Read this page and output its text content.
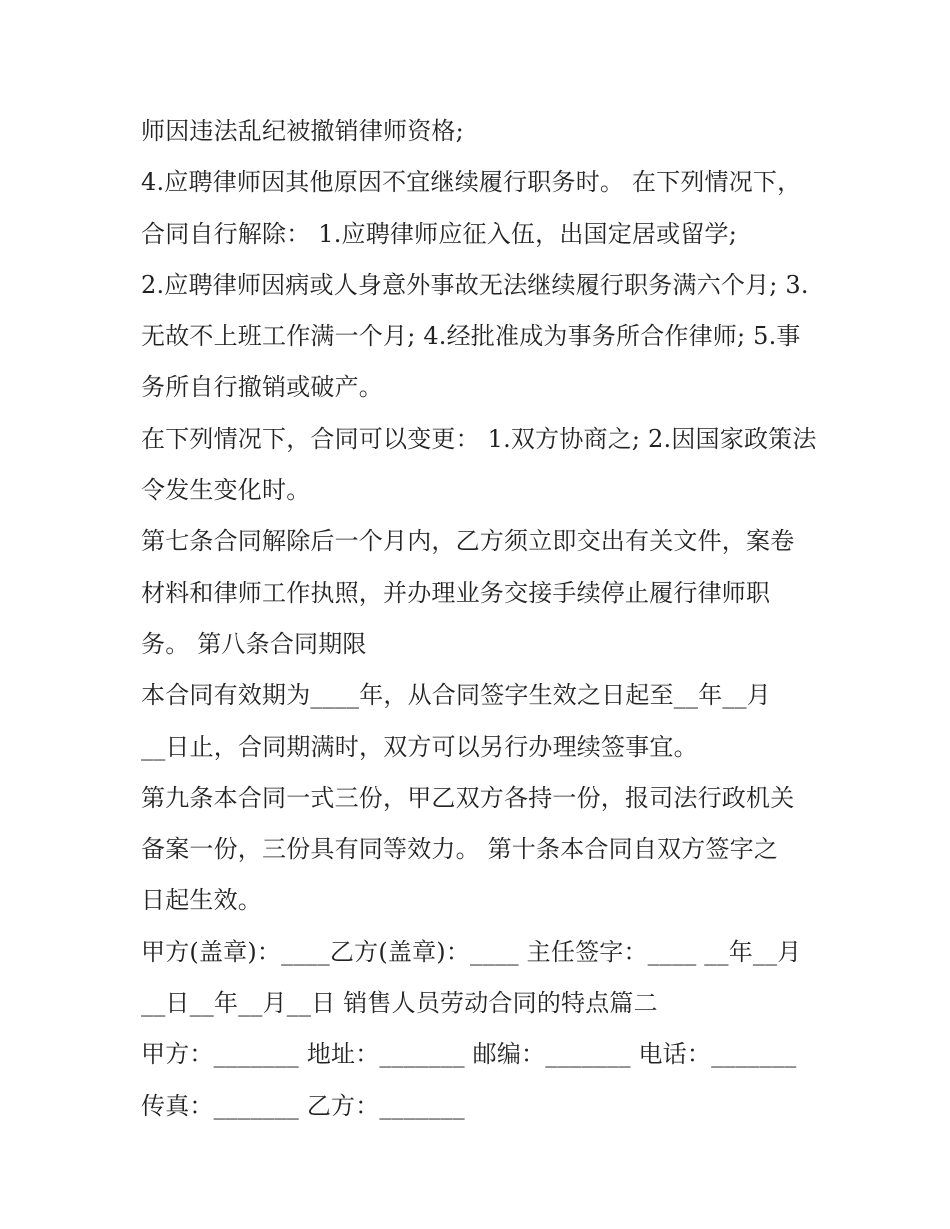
师因违法乱纪被撤销律师资格;
4.应聘律师因其他原因不宜继续履行职务时。 在下列情况下，
合同自行解除： 1.应聘律师应征入伍，出国定居或留学;
2.应聘律师因病或人身意外事故无法继续履行职务满六个月; 3.
无故不上班工作满一个月; 4.经批准成为事务所合作律师; 5.事
务所自行撤销或破产。
在下列情况下，合同可以变更： 1.双方协商之; 2.因国家政策法
令发生变化时。
第七条合同解除后一个月内，乙方须立即交出有关文件，案卷
材料和律师工作执照，并办理业务交接手续停止履行律师职
务。 第八条合同期限
本合同有效期为____年，从合同签字生效之日起至__年__月
__日止，合同期满时，双方可以另行办理续签事宜。
第九条本合同一式三份，甲乙双方各持一份，报司法行政机关
备案一份，三份具有同等效力。 第十条本合同自双方签字之
日起生效。
甲方(盖章)：____乙方(盖章)：____ 主任签字：____ __年__月
__日__年__月__日 销售人员劳动合同的特点篇二
甲方：_______ 地址：_______ 邮编：_______ 电话：_______
传真：_______ 乙方：_______
